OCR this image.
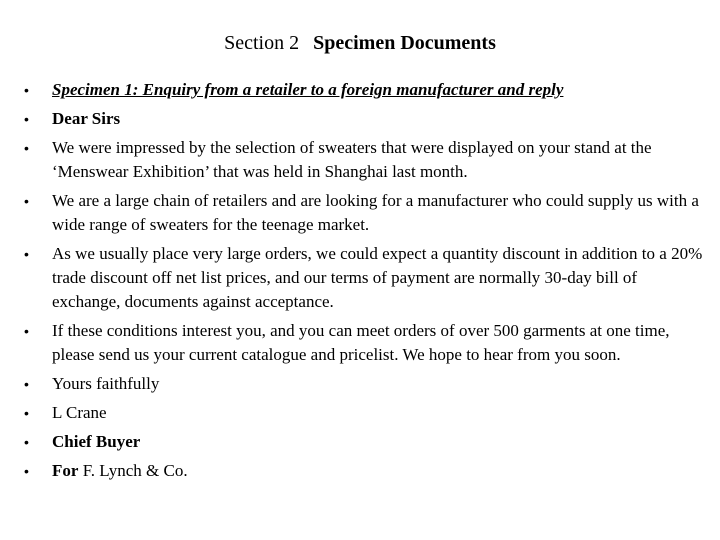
Section 2 Specimen Documents
• Specimen 1: Enquiry from a retailer to a foreign manufacturer and reply
• Dear Sirs
• We were impressed by the selection of sweaters that were displayed on your stand at the ‘Menswear Exhibition’ that was held in Shanghai last month.
• We are a large chain of retailers and are looking for a manufacturer who could supply us with a wide range of sweaters for the teenage market.
• As we usually place very large orders, we could expect a quantity discount in addition to a 20% trade discount off net list prices, and our terms of payment are normally 30-day bill of exchange, documents against acceptance.
• If these conditions interest you, and you can meet orders of over 500 garments at one time, please send us your current catalogue and pricelist. We hope to hear from you soon.
• Yours faithfully
• L Crane
• Chief Buyer
• For F. Lynch & Co.
